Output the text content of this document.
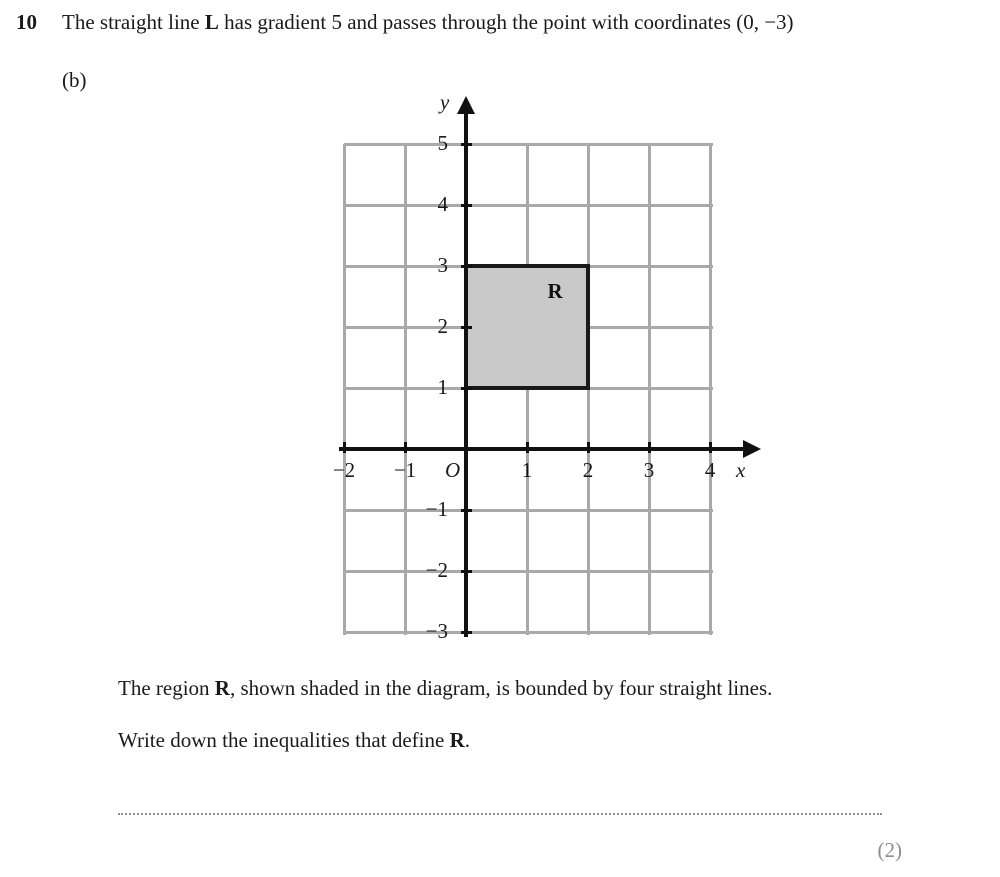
10	The straight line L has gradient 5 and passes through the point with coordinates (0, −3)
(b)
R
−2	−1	O	1	2	3	4 x
−3
−2
−1
1
2
3
4
5
y
The region R, shown shaded in the diagram, is bounded by four straight lines.
Write down the inequalities that define R.
(2)
